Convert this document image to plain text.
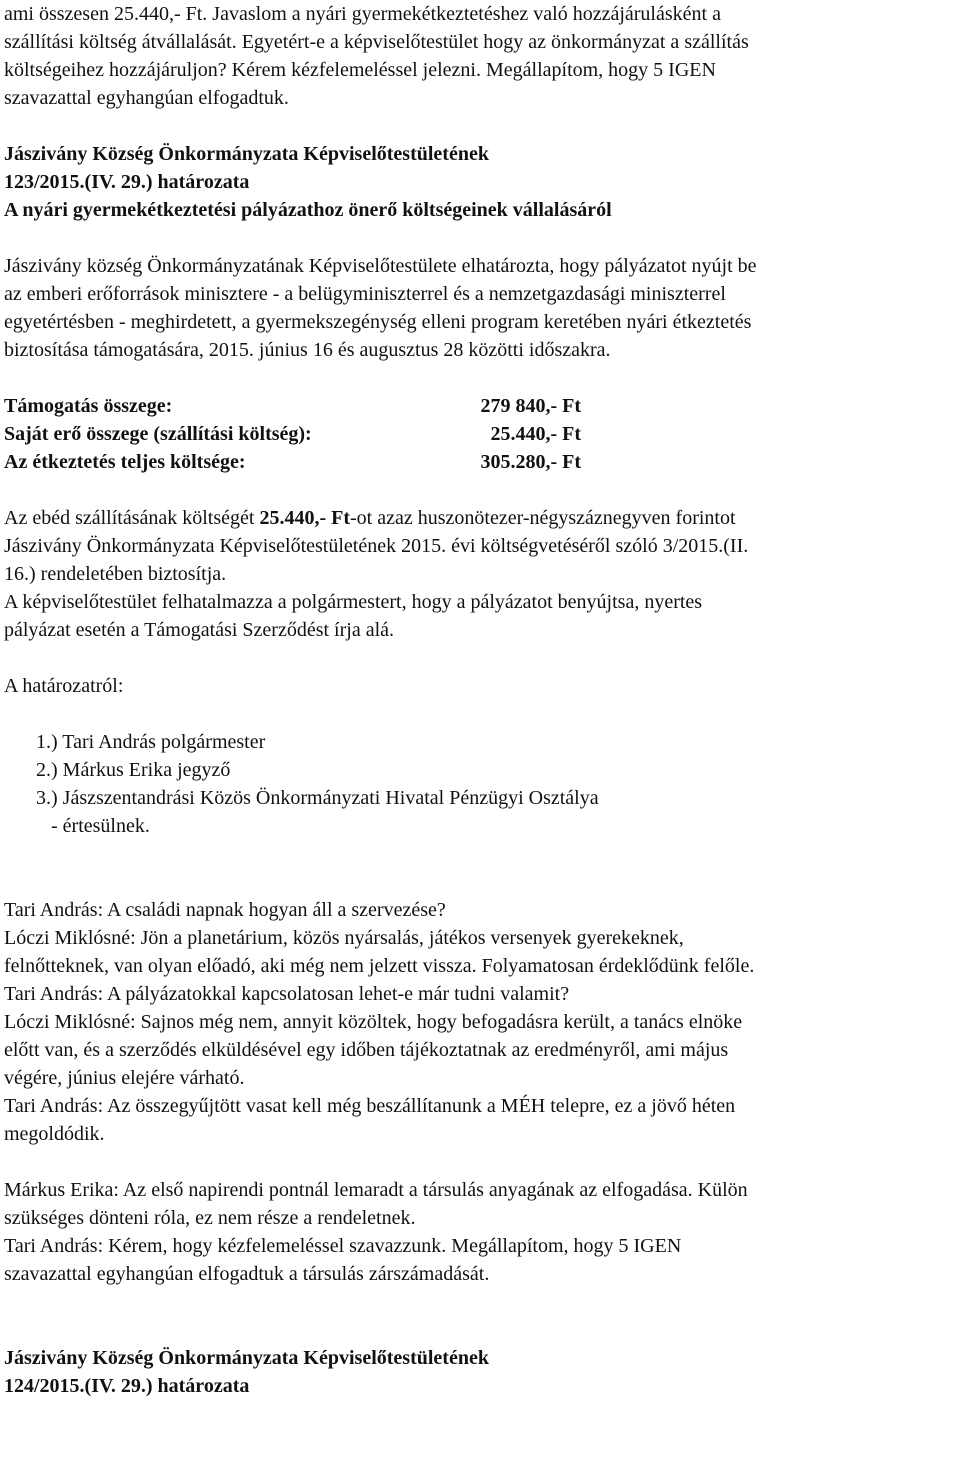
ami összesen 25.440,- Ft. Javaslom a nyári gyermekétkeztetéshez való hozzájárulásként a

szállítási költség átvállalását. Egyetért-e a képviselőtestület hogy az önkormányzat a szállítás

költségeihez hozzájáruljon? Kérem kézfelemeléssel jelezni. Megállapítom, hogy 5 IGEN

szavazattal egyhangúan elfogadtuk.

Jászivány Község Önkormányzata Képviselőtestületének

123/2015.(IV. 29.) határozata

A nyári gyermekétkeztetési pályázathoz önerő költségeinek vállalásáról

Jászivány község Önkormányzatának Képviselőtestülete elhatározta, hogy pályázatot nyújt be

az emberi erőforrások minisztere - a belügyminiszterrel és a nemzetgazdasági miniszterrel

egyetértésben - meghirdetett, a gyermekszegénység elleni program keretében nyári étkeztetés

biztosítása támogatására, 2015. június 16 és augusztus 28 közötti időszakra.

Támogatás összege:	279 840,- Ft
Saját erő összege (szállítási költség):	25.440,- Ft
Az étkeztetés teljes költsége:	305.280,- Ft

Az ebéd szállításának költségét 25.440,- Ft-ot azaz huszonötezer-négyszáznegyven forintot

Jászivány Önkormányzata Képviselőtestületének 2015. évi költségvetéséről szóló 3/2015.(II.

16.) rendeletében biztosítja.

A képviselőtestület felhatalmazza a polgármestert, hogy a pályázatot benyújtsa, nyertes

pályázat esetén a Támogatási Szerződést írja alá.

A határozatról:

1.) Tari András polgármester

2.) Márkus Erika jegyző

3.) Jászszentandrási Közös Önkormányzati Hivatal Pénzügyi Osztálya

- értesülnek.

Tari András: A családi napnak hogyan áll a szervezése?

Lóczi Miklósné: Jön a planetárium, közös nyársalás, játékos versenyek gyerekeknek,

felnőtteknek, van olyan előadó, aki még nem jelzett vissza. Folyamatosan érdeklődünk felőle.

Tari András: A pályázatokkal kapcsolatosan lehet-e már tudni valamit?

Lóczi Miklósné: Sajnos még nem, annyit közöltek, hogy befogadásra került, a tanács elnöke

előtt van, és a szerződés elküldésével egy időben tájékoztatnak az eredményről, ami május

végére, június elejére várható.

Tari András: Az összegyűjtött vasat kell még beszállítanunk a MÉH telepre, ez a jövő héten

megoldódik.

Márkus Erika: Az első napirendi pontnál lemaradt a társulás anyagának az elfogadása. Külön

szükséges dönteni róla, ez nem része a rendeletnek.

Tari András: Kérem, hogy kézfelemeléssel szavazzunk. Megállapítom, hogy 5 IGEN

szavazattal egyhangúan elfogadtuk a társulás zárszámadását.

Jászivány Község Önkormányzata Képviselőtestületének

124/2015.(IV. 29.) határozata
